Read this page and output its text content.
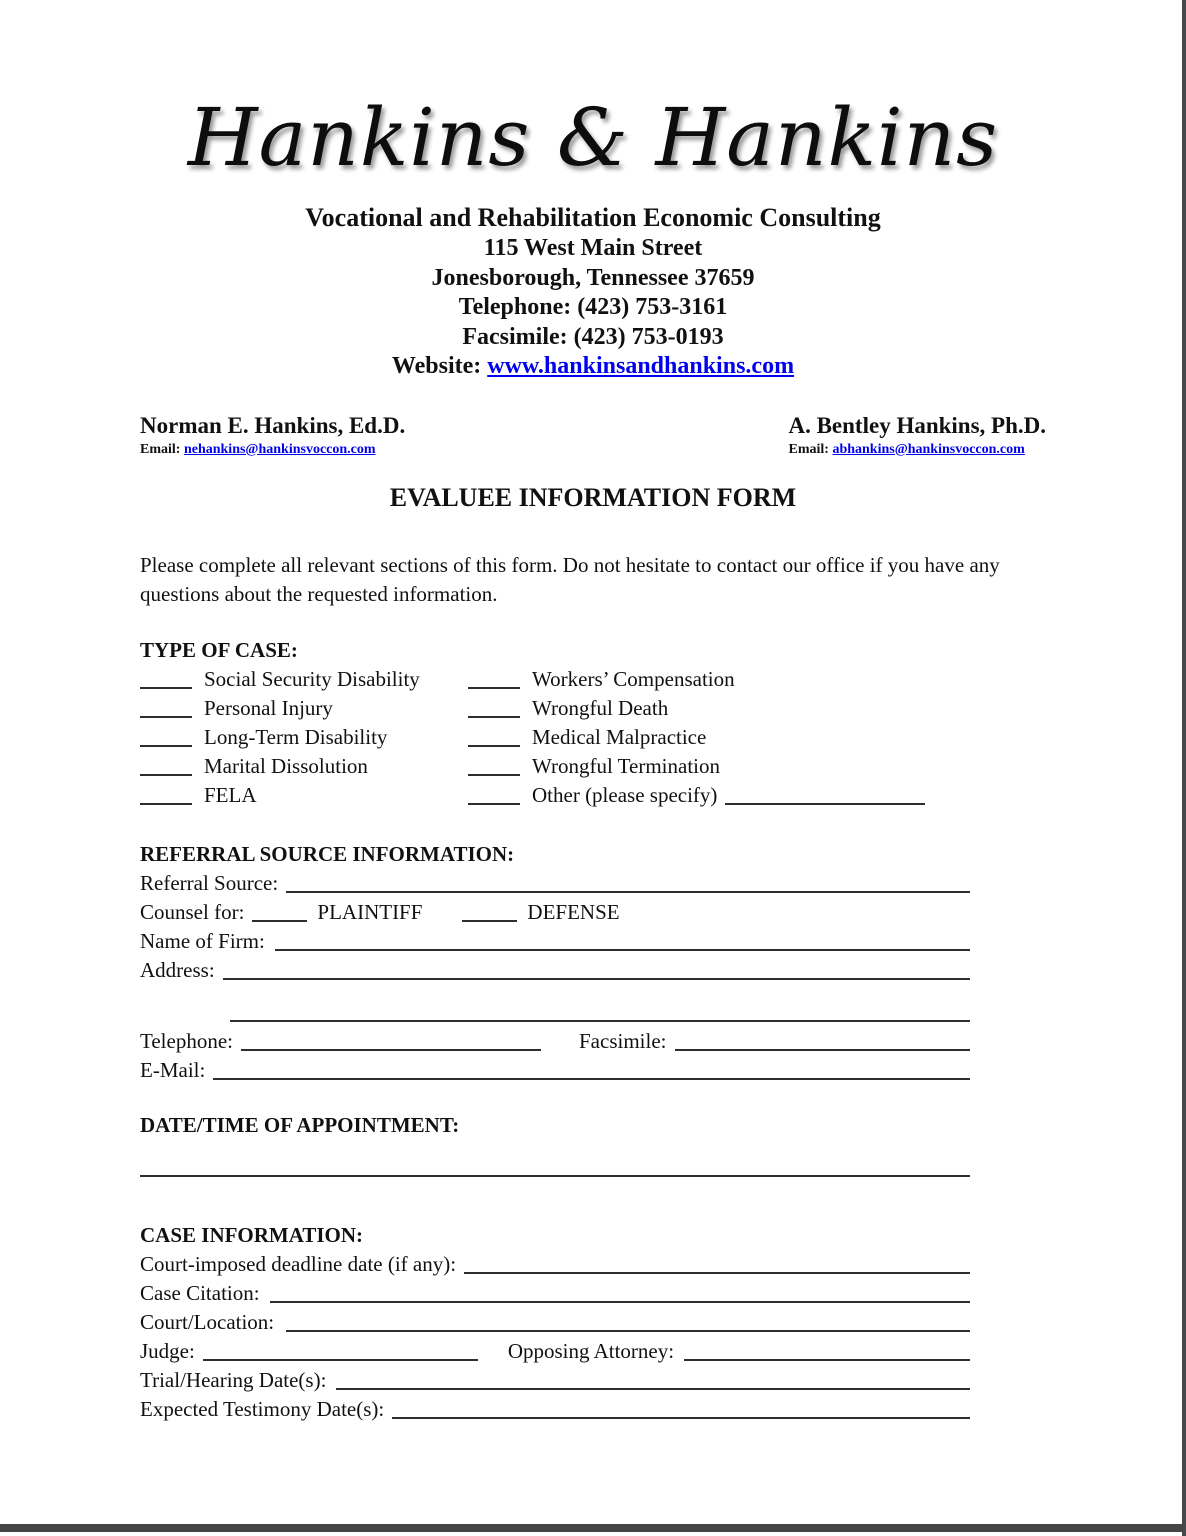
Hankins & Hankins
Vocational and Rehabilitation Economic Consulting
115 West Main Street
Jonesborough, Tennessee 37659
Telephone: (423) 753-3161
Facsimile: (423) 753-0193
Website: www.hankinsandhankins.com
Norman E. Hankins, Ed.D.
Email: nehankins@hankinsvoccon.com
A. Bentley Hankins, Ph.D.
Email: abhankins@hankinsvoccon.com
EVALUEE INFORMATION FORM

Please complete all relevant sections of this form. Do not hesitate to contact our office if you have any questions about the requested information.

TYPE OF CASE:
Social Security Disability	Workers’ Compensation
Personal Injury	Wrongful Death
Long-Term Disability	Medical Malpractice
Marital Dissolution	Wrongful Termination
FELA	Other (please specify)
REFERRAL SOURCE INFORMATION:
Referral Source:
Counsel for:	PLAINTIFF	DEFENSE
Name of Firm:
Address:
Telephone:	Facsimile:
E-Mail:
DATE/TIME OF APPOINTMENT:
CASE INFORMATION:
Court-imposed deadline date (if any):
Case Citation:
Court/Location:
Judge:	Opposing Attorney:
Trial/Hearing Date(s):
Expected Testimony Date(s):
